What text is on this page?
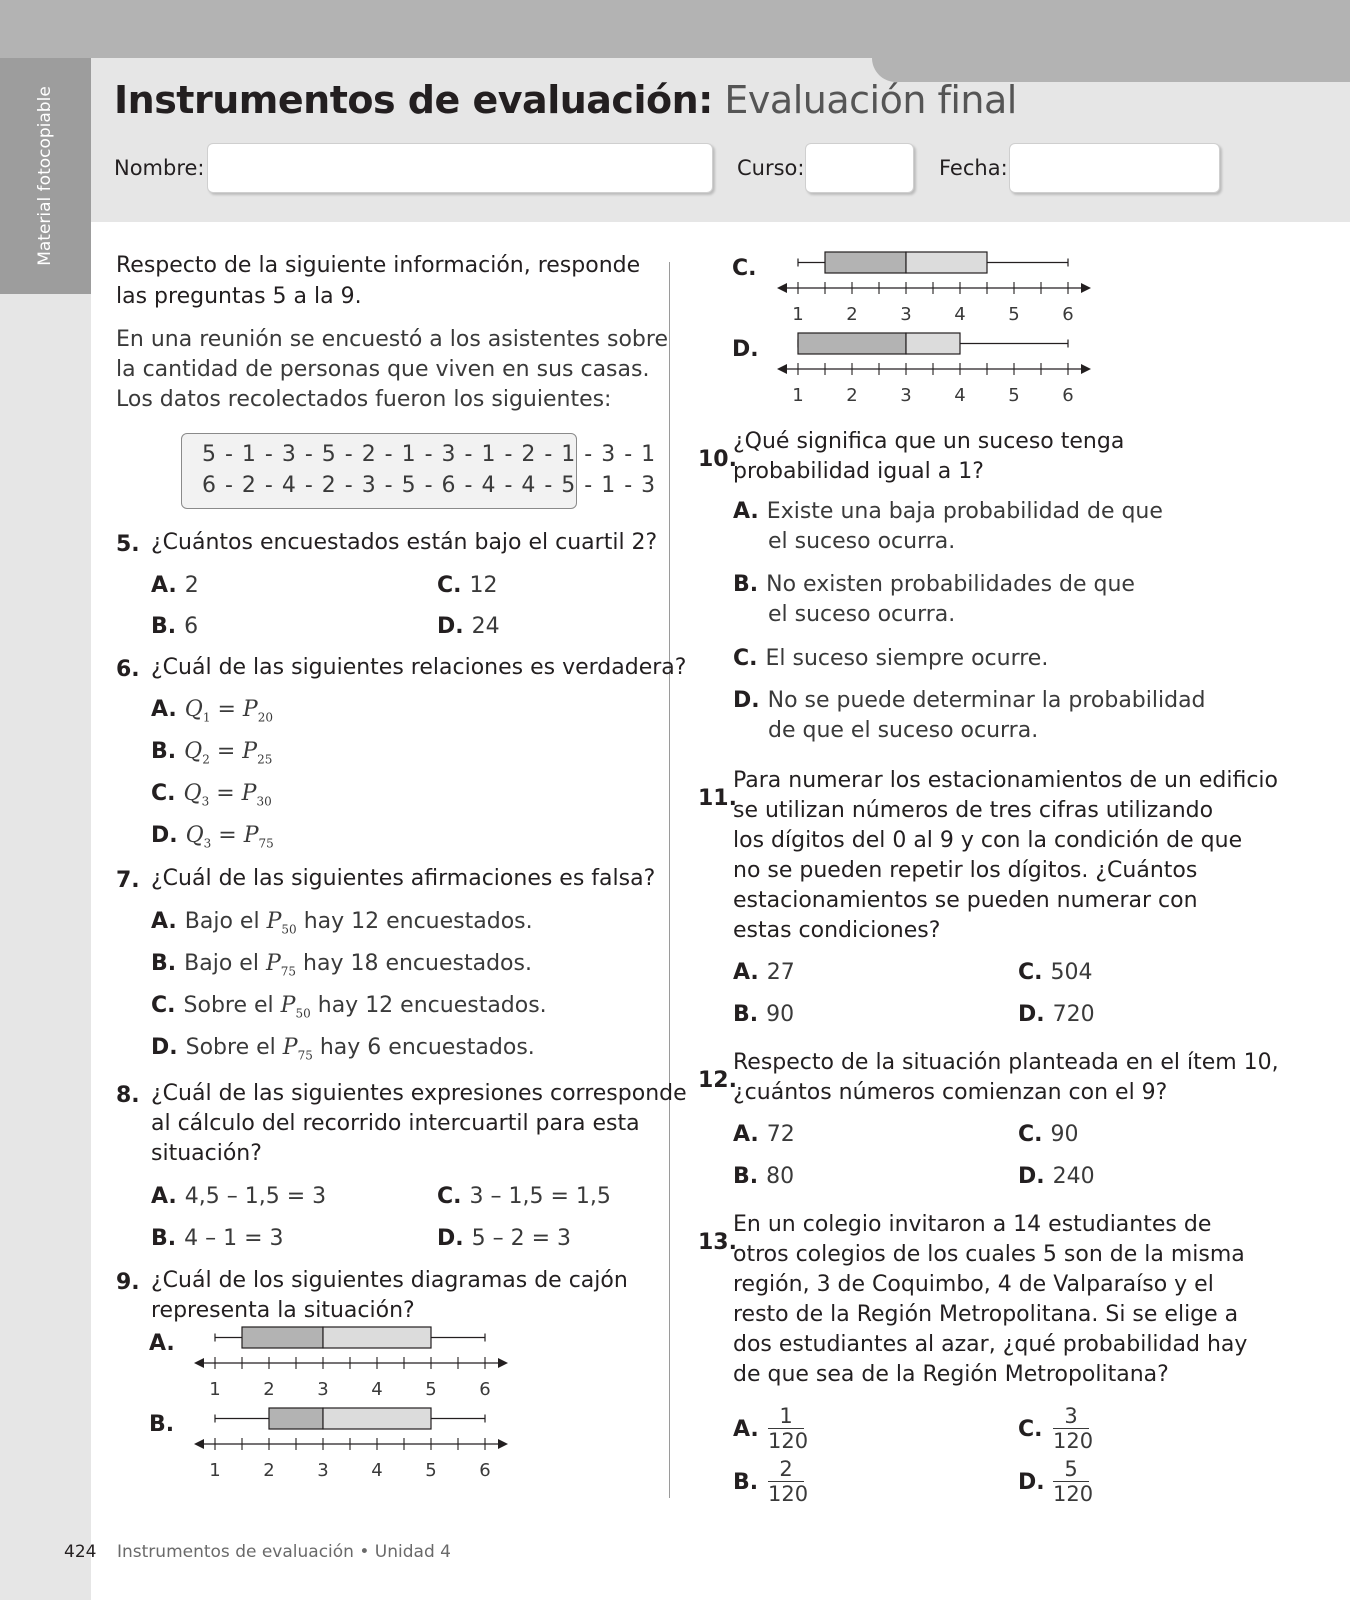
Material fotocopiable Instrumentos de evaluación: Evaluación final
Nombre:	Curso:	Fecha:
Respecto de la siguiente información, responde
las preguntas 5 a la 9.
En una reunión se encuestó a los asistentes sobre
la cantidad de personas que viven en sus casas.
Los datos recolectados fueron los siguientes:
5 - 1 - 3 - 5 - 2 - 1 - 3 - 1 - 2 - 1 - 3 - 1
6 - 2 - 4 - 2 - 3 - 5 - 6 - 4 - 4 - 5 - 1 - 3
5. ¿Cuántos encuestados están bajo el cuartil 2?
A. 2	C. 12
B. 6	D. 24
6. ¿Cuál de las siguientes relaciones es verdadera?
A. $Q_1 = P_{20}$
B. $Q_2 = P_{25}$
C. $Q_3 = P_{30}$
D. $Q_3 = P_{75}$
7. ¿Cuál de las siguientes afirmaciones es falsa?
A. Bajo el $P_{50}$ hay 12 encuestados.
B. Bajo el $P_{75}$ hay 18 encuestados.
C. Sobre el $P_{50}$ hay 12 encuestados.
D. Sobre el $P_{75}$ hay 6 encuestados.
8. ¿Cuál de las siguientes expresiones corresponde
al cálculo del recorrido intercuartil para esta
situación?
A. 4,5 – 1,5 = 3	C. 3 – 1,5 = 1,5
B. 4 – 1 = 3	D. 5 – 2 = 3
9. ¿Cuál de los siguientes diagramas de cajón
representa la situación?
A.
1 2 3 4 5 6
B.
1 2 3 4 5 6
C.
1 2 3 4 5 6
D.
1 2 3 4 5 6
10.
¿Qué significa que un suceso tenga
probabilidad igual a 1?
A. Existe una baja probabilidad de que
el suceso ocurra.
B. No existen probabilidades de que
el suceso ocurra.
C. El suceso siempre ocurre.
D. No se puede determinar la probabilidad
de que el suceso ocurra.
11.
Para numerar los estacionamientos de un edificio
se utilizan números de tres cifras utilizando
los dígitos del 0 al 9 y con la condición de que
no se pueden repetir los dígitos. ¿Cuántos
estacionamientos se pueden numerar con
estas condiciones?
A. 27	C. 504
B. 90	D. 720
12.
Respecto de la situación planteada en el ítem 10,
¿cuántos números comienzan con el 9?
A. 72	C. 90
B. 80	D. 240
13.
En un colegio invitaron a 14 estudiantes de
otros colegios de los cuales 5 son de la misma
región, 3 de Coquimbo, 4 de Valparaíso y el
resto de la Región Metropolitana. Si se elige a
dos estudiantes al azar, ¿qué probabilidad hay
de que sea de la Región Metropolitana?
A. $\frac{1}{120}$	C. $\frac{3}{120}$
B. $\frac{2}{120}$	D. $\frac{5}{120}$
424 Instrumentos de evaluación • Unidad 4
